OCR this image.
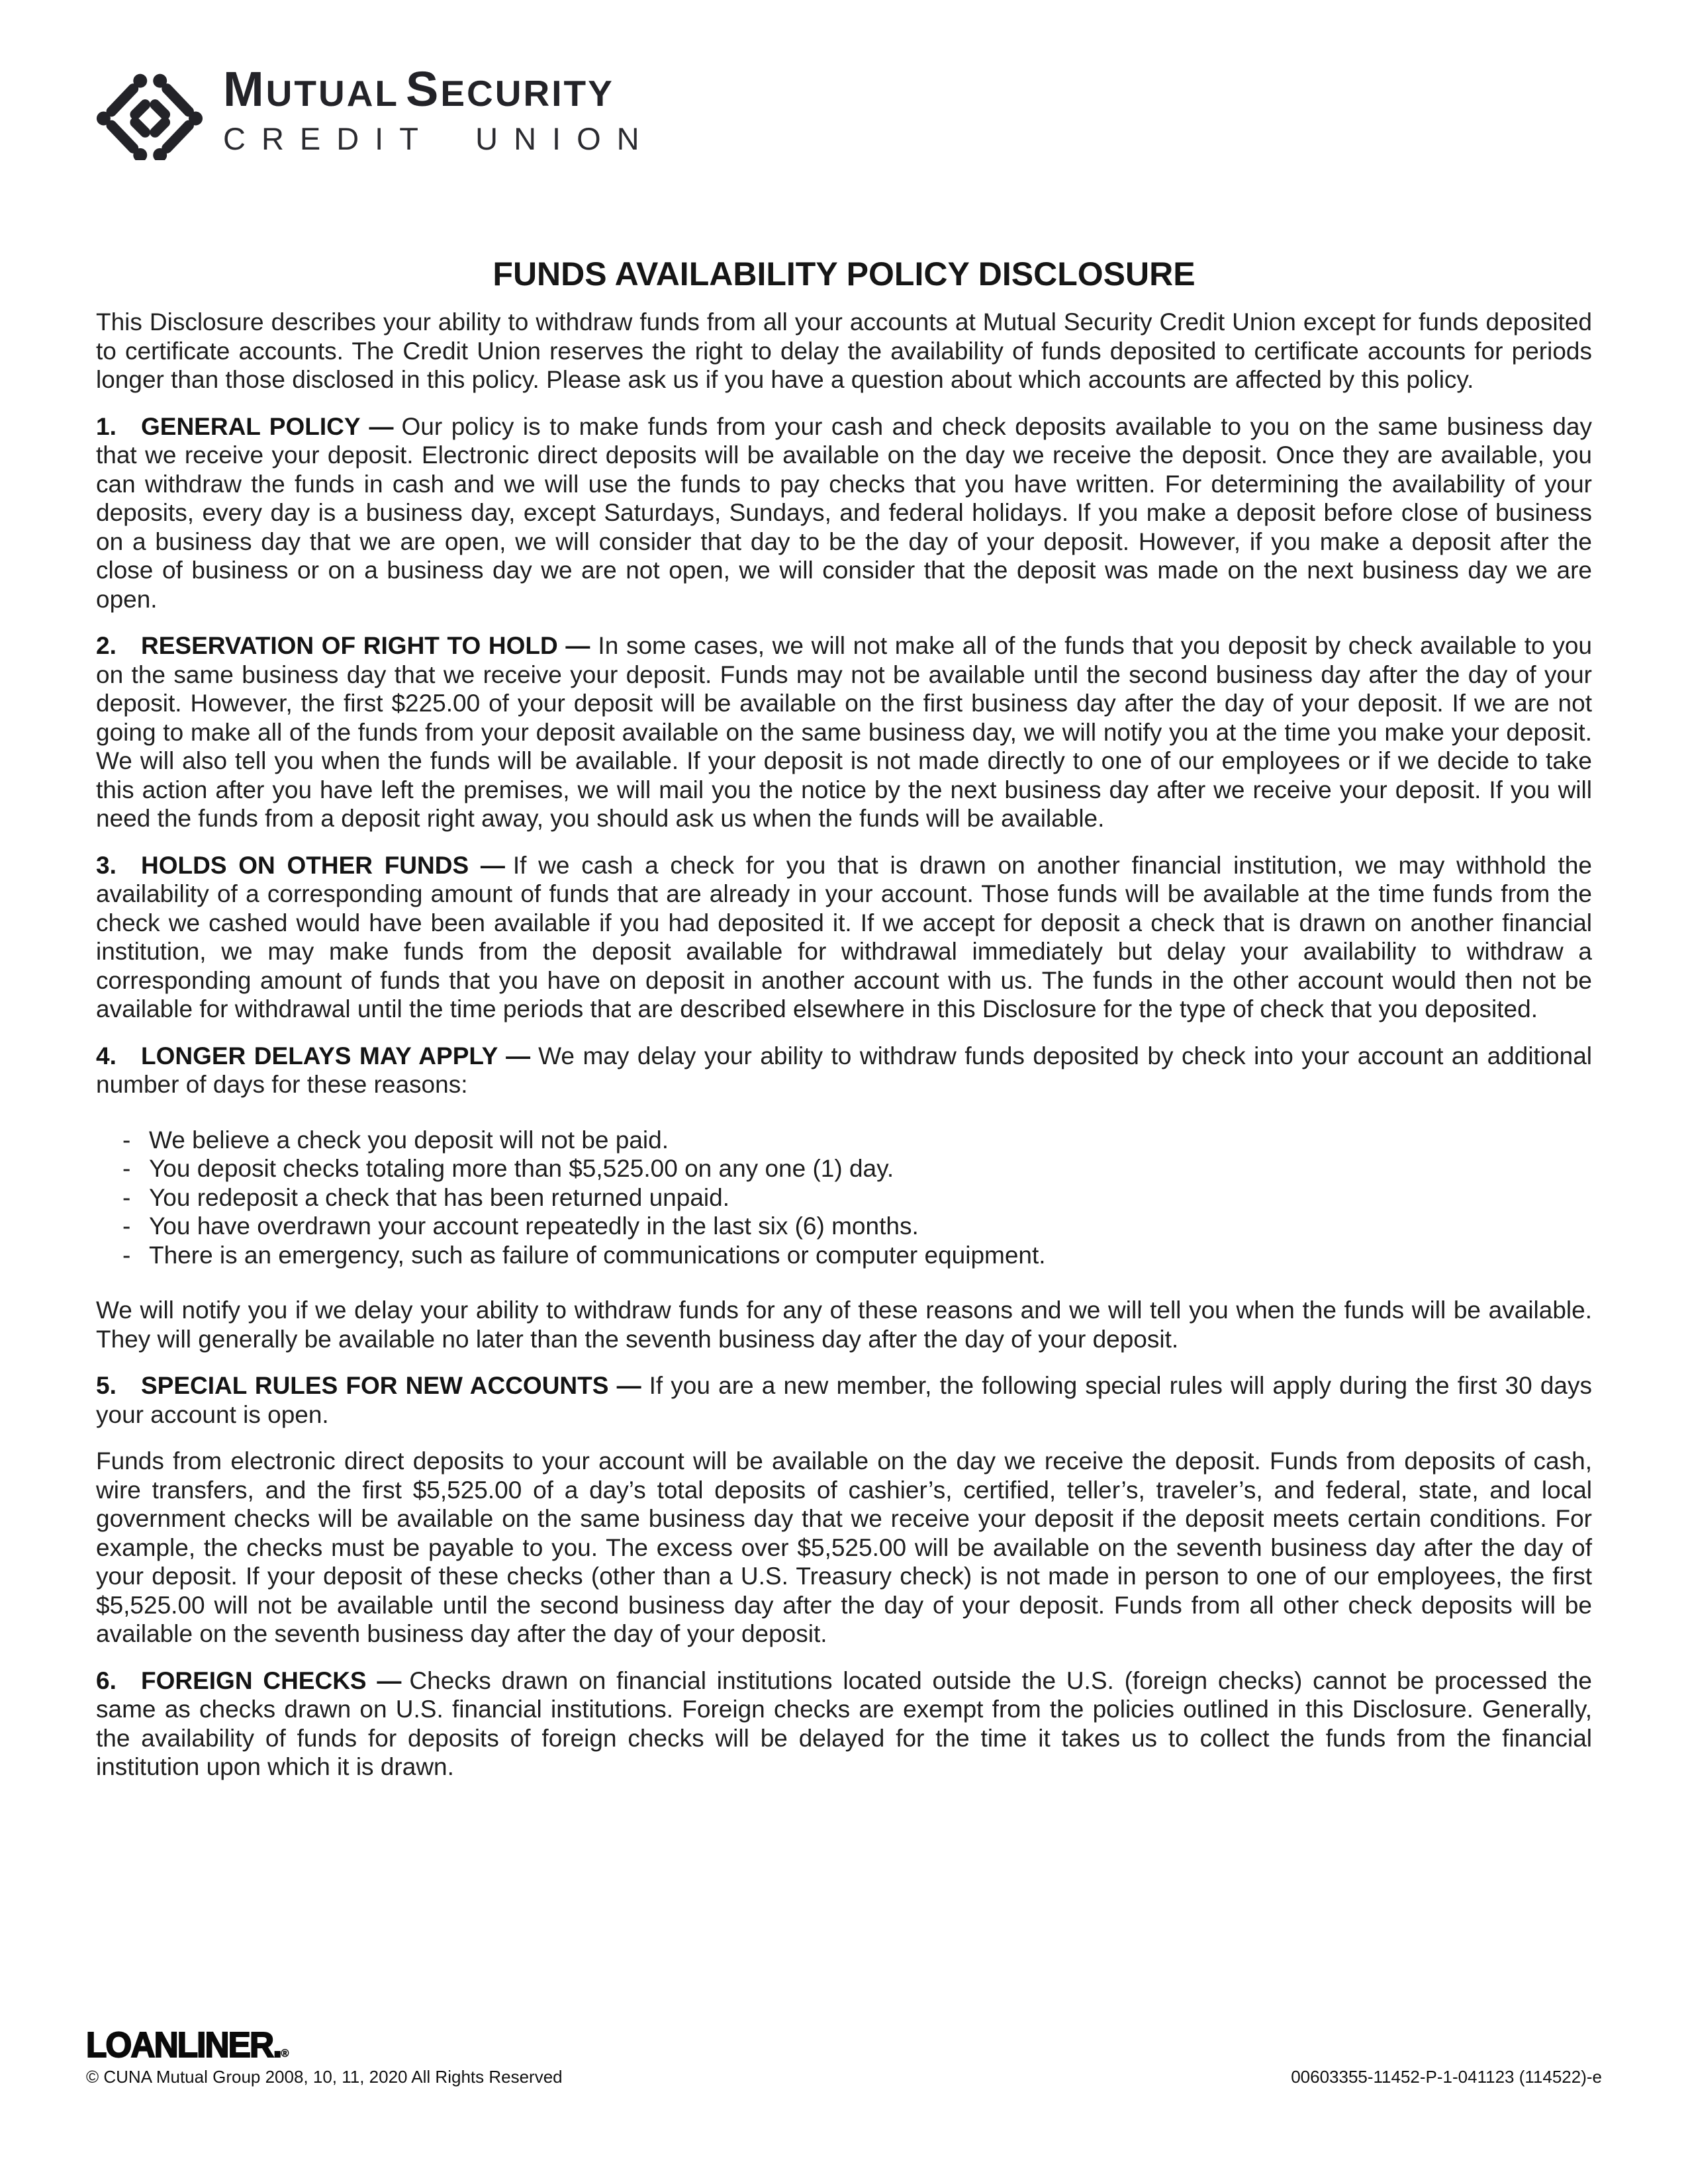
MUTUAL SECURITY
CREDIT UNION
FUNDS AVAILABILITY POLICY DISCLOSURE

This Disclosure describes your ability to withdraw funds from all your accounts at Mutual Security Credit Union except for funds deposited to certificate accounts. The Credit Union reserves the right to delay the availability of funds deposited to certificate accounts for periods longer than those disclosed in this policy. Please ask us if you have a question about which accounts are affected by this policy.

1. GENERAL POLICY — Our policy is to make funds from your cash and check deposits available to you on the same business day that we receive your deposit. Electronic direct deposits will be available on the day we receive the deposit. Once they are available, you can withdraw the funds in cash and we will use the funds to pay checks that you have written. For determining the availability of your deposits, every day is a business day, except Saturdays, Sundays, and federal holidays. If you make a deposit before close of business on a business day that we are open, we will consider that day to be the day of your deposit. However, if you make a deposit after the close of business or on a business day we are not open, we will consider that the deposit was made on the next business day we are open.

2. RESERVATION OF RIGHT TO HOLD — In some cases, we will not make all of the funds that you deposit by check available to you on the same business day that we receive your deposit. Funds may not be available until the second business day after the day of your deposit. However, the first $225.00 of your deposit will be available on the first business day after the day of your deposit. If we are not going to make all of the funds from your deposit available on the same business day, we will notify you at the time you make your deposit. We will also tell you when the funds will be available. If your deposit is not made directly to one of our employees or if we decide to take this action after you have left the premises, we will mail you the notice by the next business day after we receive your deposit. If you will need the funds from a deposit right away, you should ask us when the funds will be available.

3. HOLDS ON OTHER FUNDS — If we cash a check for you that is drawn on another financial institution, we may withhold the availability of a corresponding amount of funds that are already in your account. Those funds will be available at the time funds from the check we cashed would have been available if you had deposited it. If we accept for deposit a check that is drawn on another financial institution, we may make funds from the deposit available for withdrawal immediately but delay your availability to withdraw a corresponding amount of funds that you have on deposit in another account with us. The funds in the other account would then not be available for withdrawal until the time periods that are described elsewhere in this Disclosure for the type of check that you deposited.

4. LONGER DELAYS MAY APPLY — We may delay your ability to withdraw funds deposited by check into your account an additional number of days for these reasons:

- We believe a check you deposit will not be paid.
- You deposit checks totaling more than $5,525.00 on any one (1) day.
- You redeposit a check that has been returned unpaid.
- You have overdrawn your account repeatedly in the last six (6) months.
- There is an emergency, such as failure of communications or computer equipment.

We will notify you if we delay your ability to withdraw funds for any of these reasons and we will tell you when the funds will be available. They will generally be available no later than the seventh business day after the day of your deposit.

5. SPECIAL RULES FOR NEW ACCOUNTS — If you are a new member, the following special rules will apply during the first 30 days your account is open.

Funds from electronic direct deposits to your account will be available on the day we receive the deposit. Funds from deposits of cash, wire transfers, and the first $5,525.00 of a day’s total deposits of cashier’s, certified, teller’s, traveler’s, and federal, state, and local government checks will be available on the same business day that we receive your deposit if the deposit meets certain conditions. For example, the checks must be payable to you. The excess over $5,525.00 will be available on the seventh business day after the day of your deposit. If your deposit of these checks (other than a U.S. Treasury check) is not made in person to one of our employees, the first $5,525.00 will not be available until the second business day after the day of your deposit. Funds from all other check deposits will be available on the seventh business day after the day of your deposit.

6. FOREIGN CHECKS — Checks drawn on financial institutions located outside the U.S. (foreign checks) cannot be processed the same as checks drawn on U.S. financial institutions. Foreign checks are exempt from the policies outlined in this Disclosure. Generally, the availability of funds for deposits of foreign checks will be delayed for the time it takes us to collect the funds from the financial institution upon which it is drawn.

LOANLINER.®
© CUNA Mutual Group 2008, 10, 11, 2020 All Rights Reserved	00603355-11452-P-1-041123 (114522)-e
